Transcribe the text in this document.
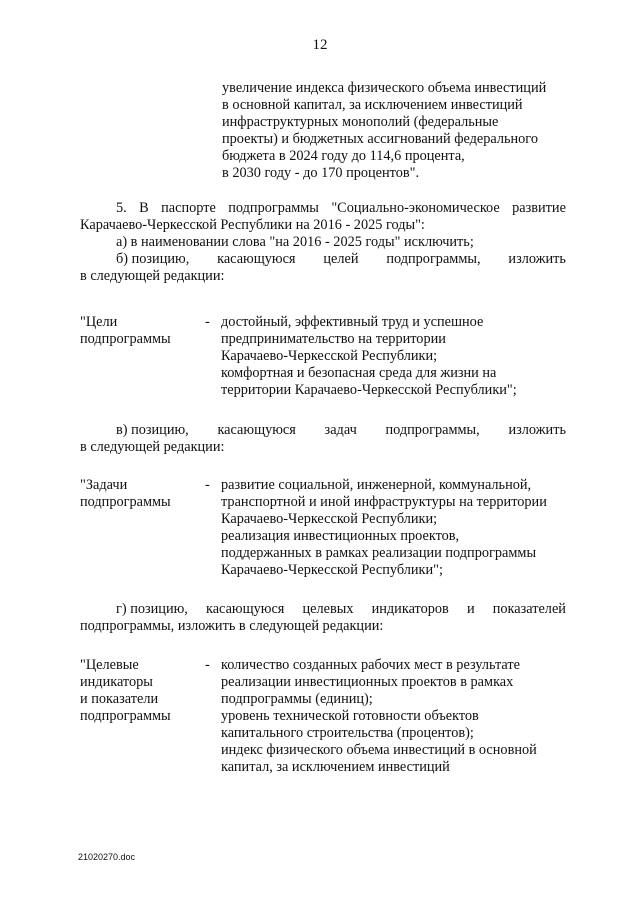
12
увеличение индекса физического объема инвестиций
в основной капитал, за исключением инвестиций
инфраструктурных монополий (федеральные
проекты) и бюджетных ассигнований федерального
бюджета в 2024 году до 114,6 процента,
в 2030 году - до 170 процентов".
5. В паспорте подпрограммы "Социально-экономическое развитие
Карачаево-Черкесской Республики на 2016 - 2025 годы":
а) в наименовании слова "на 2016 - 2025 годы" исключить;
б) позицию, касающуюся целей подпрограммы, изложить
в следующей редакции:
"Цели
подпрограммы
- достойный, эффективный труд и успешное
предпринимательство на территории
Карачаево-Черкесской Республики;
комфортная и безопасная среда для жизни на
территории Карачаево-Черкесской Республики";
в) позицию, касающуюся задач подпрограммы, изложить
в следующей редакции:
"Задачи
подпрограммы
- развитие социальной, инженерной, коммунальной,
транспортной и иной инфраструктуры на территории
Карачаево-Черкесской Республики;
реализация инвестиционных проектов,
поддержанных в рамках реализации подпрограммы
Карачаево-Черкесской Республики";
г) позицию, касающуюся целевых индикаторов и показателей
подпрограммы, изложить в следующей редакции:
"Целевые
индикаторы
и показатели
подпрограммы
- количество созданных рабочих мест в результате
реализации инвестиционных проектов в рамках
подпрограммы (единиц);
уровень технической готовности объектов
капитального строительства (процентов);
индекс физического объема инвестиций в основной
капитал, за исключением инвестиций
21020270.doc
